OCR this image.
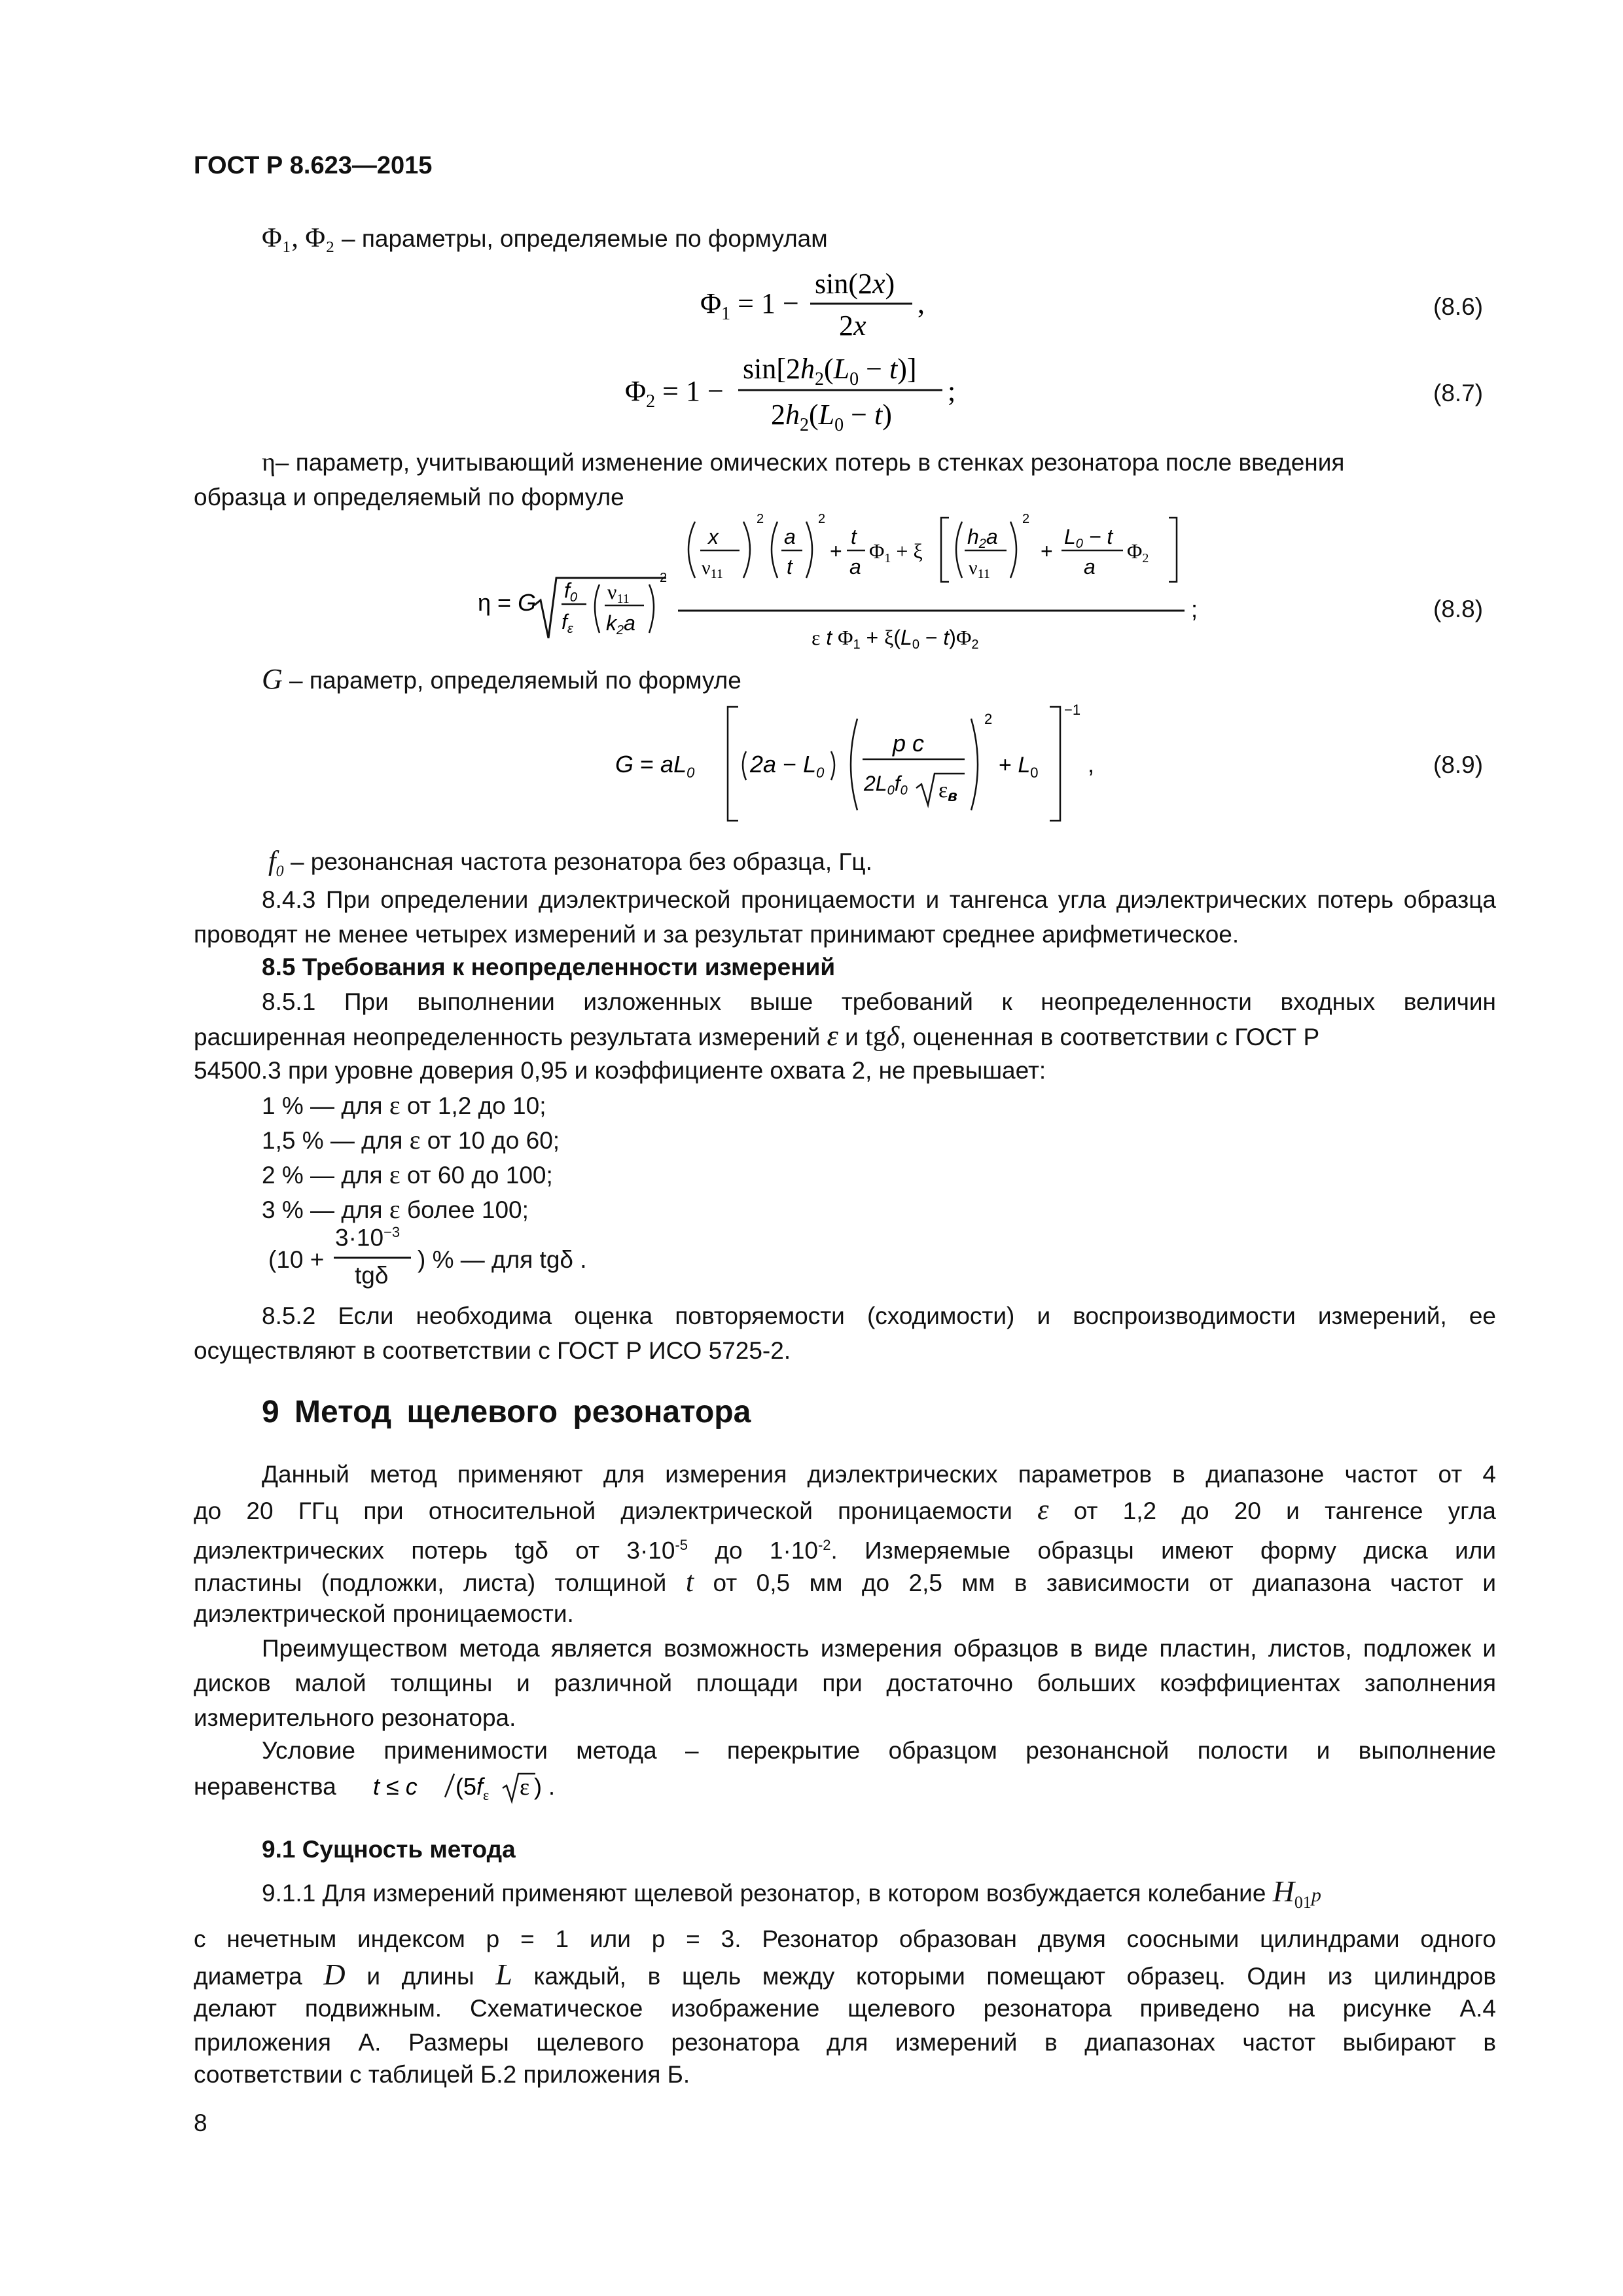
ГОСТ Р 8.623—2015
Φ₁, Φ₂ – параметры, определяемые по формулам
$\Phi_1 = 1$ −
sin(2x)
2x
,	(8.6)
$\Phi_2 = 1$ −
$\sin[2h_2(L_0 - t)]$
$2h_2(L_0 - t)$
;	(8.7)
η– параметр, учитывающий изменение омических потерь в стенках резонатора после введения
образца и определяемый по формуле
η = G f0
fε
ν11
k2a
2
x
$\nu_{11}$
2
a
t
2
+
t
a
Φ1 + ξ
h2a
$\nu_{11}$
2
+
L0 − t
a
Φ2
ε t Φ1 + ξ(L0 − t)Φ2
;	(8.8)
G – параметр, определяемый по формуле
$G = aL_0$ $2a - L_0$
p c
2L0f0 εв
2
+ $L_0$
−1
,	(8.9)
$f_0$ – резонансная частота резонатора без образца, Гц.
8.4.3 При определении диэлектрической проницаемости и тангенса угла диэлектрических потерь образца проводят не менее четырех измерений и за результат принимают среднее арифметическое.
8.5 Требования к неопределенности измерений
8.5.1 При выполнении изложенных выше требований к неопределенности входных величин
расширенная неопределенность результата измерений ε и tgδ, оцененная в соответствии с ГОСТ Р
54500.3 при уровне доверия 0,95 и коэффициенте охвата 2, не превышает:
1 % — для ε от 1,2 до 10;
1,5 % — для ε от 10 до 60;
2 % — для ε от 60 до 100;
3 % — для ε более 100;
(10 +
$3\cdot 10^{-3}$
tgδ
) % — для tgδ .
8.5.2 Если необходима оценка повторяемости (сходимости) и воспроизводимости измерений, ее осуществляют в соответствии с ГОСТ Р ИСО 5725-2.
9 Метод щелевого резонатора
Данный метод применяют для измерения диэлектрических параметров в диапазоне частот от 4
до 20 ГГц при относительной диэлектрической проницаемости ε от 1,2 до 20 и тангенсе угла
диэлектрических потерь tgδ от $3\cdot 10^{-5}$ до $1\cdot 10^{-2}$. Измеряемые образцы имеют форму диска или
пластины (подложки, листа) толщиной t от 0,5 мм до 2,5 мм в зависимости от диапазона частот и
диэлектрической проницаемости.
Преимуществом метода является возможность измерения образцов в виде пластин, листов, подложек и дисков малой толщины и различной площади при достаточно больших коэффициентах заполнения измерительного резонатора.
Условие применимости метода – перекрытие образцом резонансной полости и выполнение
неравенства t ≤ c ($5f_\varepsilon$ ε ) .
9.1 Сущность метода
9.1.1 Для измерений применяют щелевой резонатор, в котором возбуждается колебание $H_{01}p$
с нечетным индексом p = 1 или p = 3. Резонатор образован двумя соосными цилиндрами одного
диаметра D и длины L каждый, в щель между которыми помещают образец. Один из цилиндров
делают подвижным. Схематическое изображение щелевого резонатора приведено на рисунке А.4
приложения А. Размеры щелевого резонатора для измерений в диапазонах частот выбирают в
соответствии с таблицей Б.2 приложения Б.
8
